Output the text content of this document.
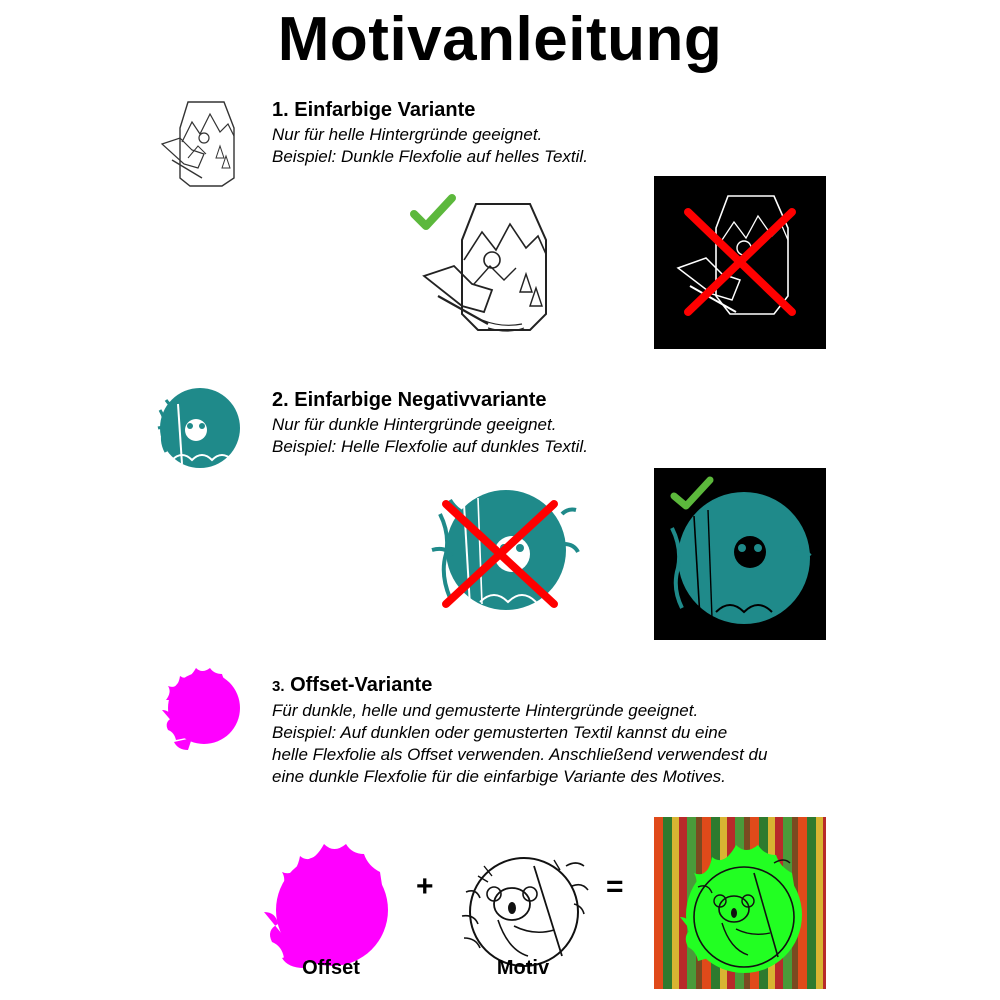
Motivanleitung
1. Einfarbige Variante
Nur für helle Hintergründe geeignet.
Beispiel: Dunkle Flexfolie auf helles Textil.
2. Einfarbige Negativvariante
Nur für dunkle Hintergründe geeignet.
Beispiel: Helle Flexfolie auf dunkles Textil.
3. Offset-Variante
Für dunkle, helle und gemusterte Hintergründe geeignet.
Beispiel: Auf dunklen oder gemusterten Textil kannst du eine
helle Flexfolie als Offset verwenden. Anschließend verwendest du
eine dunkle Flexfolie für die einfarbige Variante des Motives.
Offset
+
Motiv
=
